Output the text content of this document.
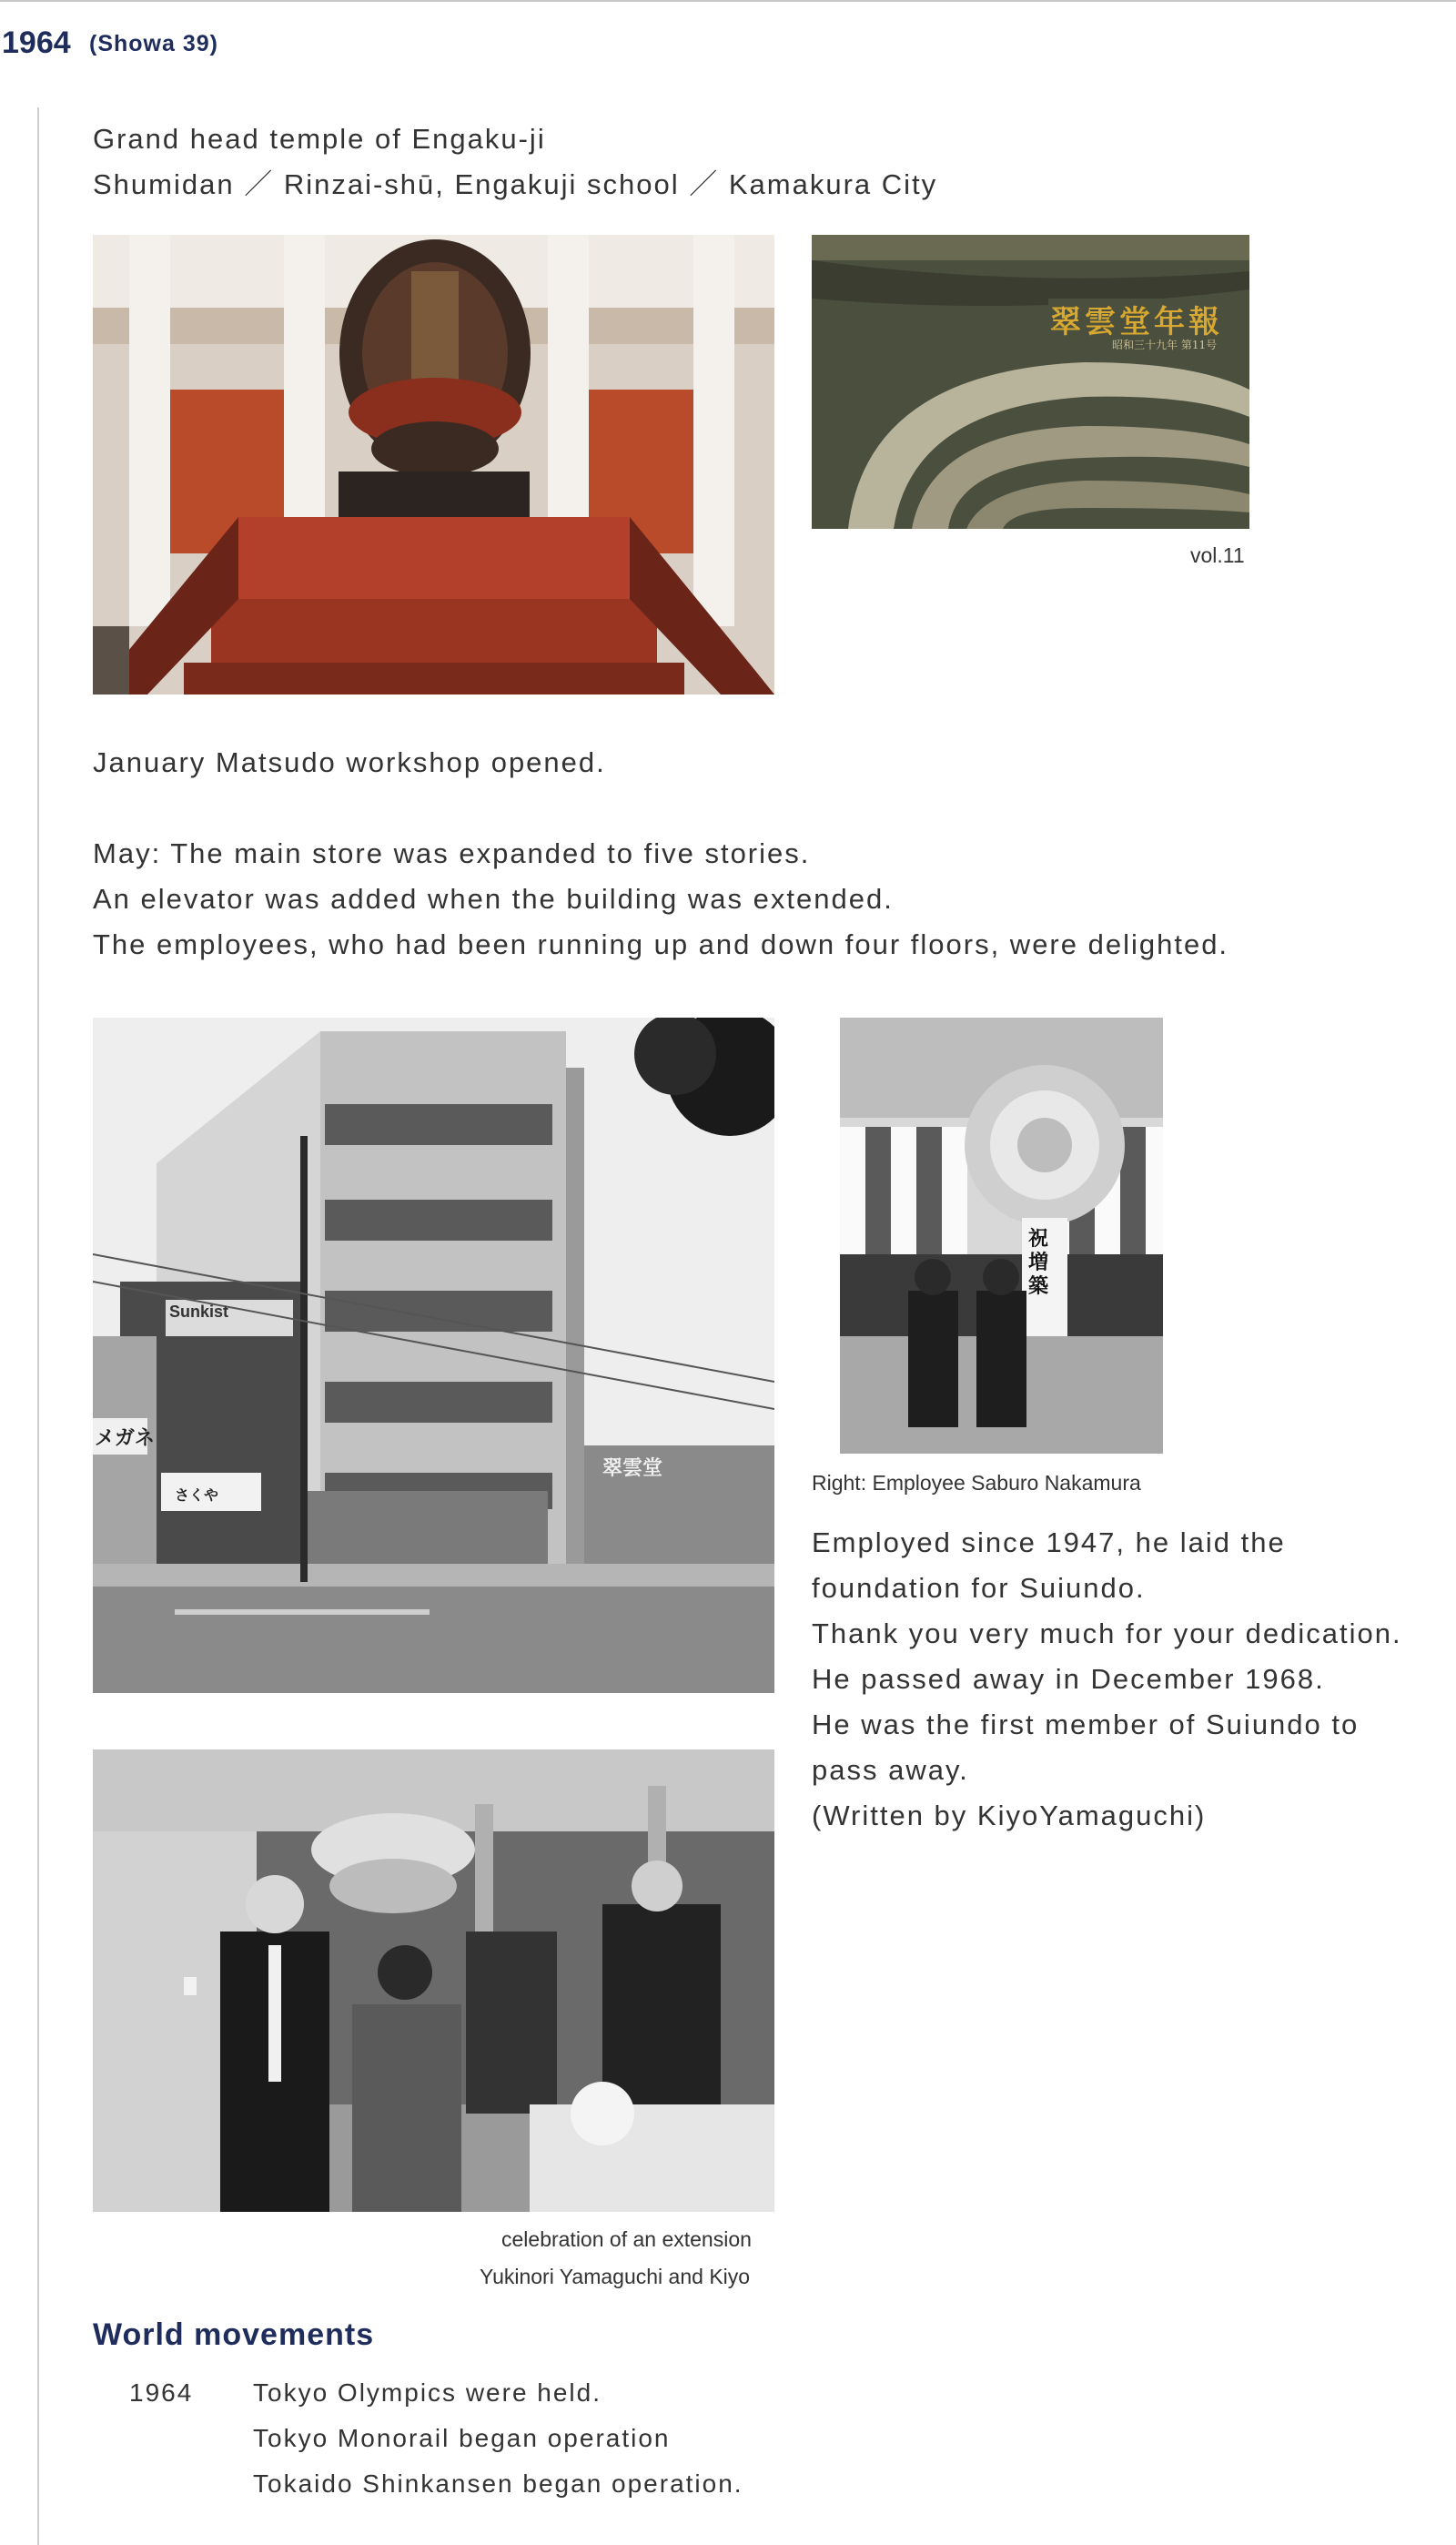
1964 (Showa 39)
Grand head temple of Engaku-ji
Shumidan ／ Rinzai-shū, Engakuji school ／ Kamakura City
翠雲堂年報
昭和三十九年 第11号
vol.11
January Matsudo workshop opened.
May: The main store was expanded to five stories.
An elevator was added when the building was extended.
The employees, who had been running up and down four floors, were delighted.
Sunkist
メガネ
さくや
翠雲堂
祝 増築
Right: Employee Saburo Nakamura
Employed since 1947, he laid the
foundation for Suiundo.
Thank you very much for your dedication.
He passed away in December 1968.
He was the first member of Suiundo to
pass away.
(Written by KiyoYamaguchi)
celebration of an extension
Yukinori Yamaguchi and Kiyo
World movements
1964 Tokyo Olympics were held.
Tokyo Monorail began operation
Tokaido Shinkansen began operation.
